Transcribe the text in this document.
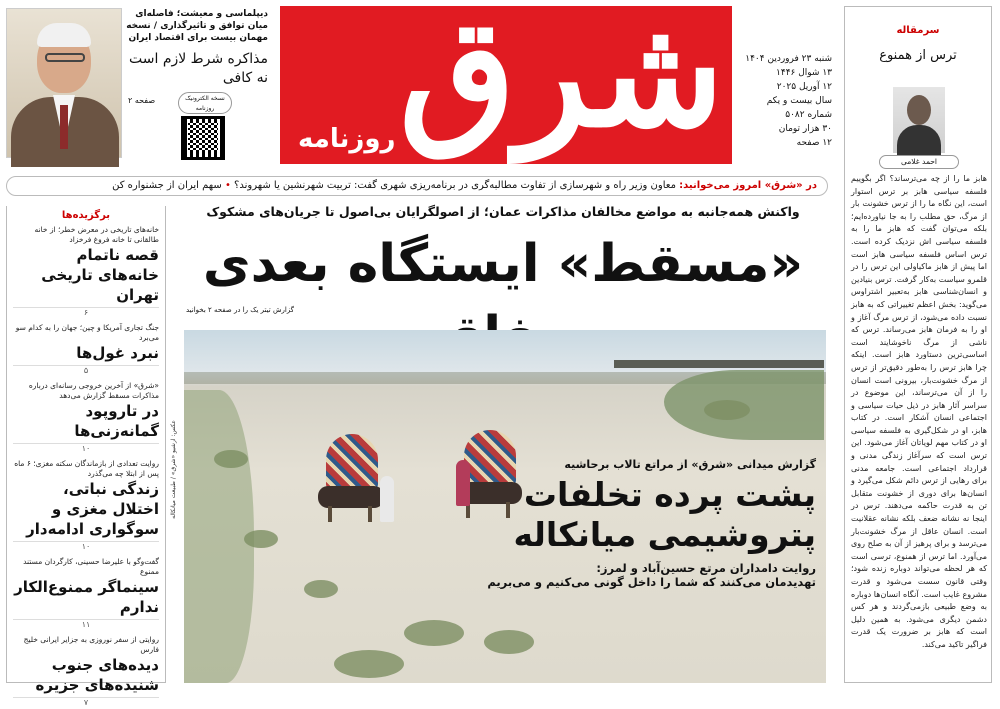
دیپلماسی و معیشت؛ فاصله‌ای میان توافق و تاثیرگذاری / نسخه مهمان بیست برای اقتصاد ایران
مذاکره شرط لازم است نه کافی
صفحه ۲	نسخه الکترونیک روزنامه شرق
روزنامه
شنبه ۲۳ فروردین ۱۴۰۴
۱۳ شوال ۱۴۴۶
۱۲ آوریل ۲۰۲۵
سال بیست و یکم
شماره ۵۰۸۲
۳۰ هزار تومان
۱۲ صفحه
در «شرق» امروز می‌خوانید: معاون وزیر راه و شهرسازی از تفاوت مطالبه‌گری در برنامه‌ریزی شهری گفت: تربیت شهرنشین یا شهروند؟ • سهم ایران از جشنواره کن
برگزیده‌ها
خانه‌های تاریخی در معرض خطر؛ از خانه طالقانی تا خانه فروغ فرخزاد
قصه ناتمام خانه‌های تاریخی تهران
۶
جنگ تجاری آمریکا و چین؛ جهان را به کدام سو می‌برد
نبرد غول‌ها
۵
«شرق» از آخرین خروجی رسانه‌ای درباره مذاکرات مسقط گزارش می‌دهد
در تاروپود گمانه‌زنی‌ها
۱۰
روایت تعدادی از بازماندگان سکته مغزی؛ ۶ ماه پس از ابتلا چه می‌گذرد
زندگی نباتی، اختلال مغزی و سوگواری ادامه‌دار
۱۰
گفت‌وگو با علیرضا حسینی، کارگردان مستند ممنوع
سینماگر ممنوع‌الکار ندارم
۱۱
روایتی از سفر نوروزی به جزایر ایرانی خلیج فارس
دیده‌های جنوب شنیده‌های جزیره
۷
واکنش همه‌جانبه به مواضع مخالفان مذاکرات عمان؛ از اصولگرایان بی‌اصول تا جریان‌های مشکوک
«مسقط» ایستگاه بعدی
گزارش تیتر یک را در صفحه ۲ بخوانید
عکس: ارشیو «شرق» / طبیعت میانکاله	گزارش میدانی «شرق» از مراتع تالاب برحاشیه
پشت پرده تخلفات پتروشیمی میانکاله
روایت دامداران مرتع حسین‌آباد و لمرز:
تهدیدمان می‌کنند که شما را داخل گونی می‌کنیم و می‌بریم
سرمقاله
ترس از همنوع
احمد غلامی
هابز ما را از چه می‌ترساند؟ اگر بگوییم فلسفه سیاسی هابز بر ترس استوار است، این نگاه ما را از ترس خشونت بار از مرگ، حق مطلب را به جا نیاورده‌ایم؛ بلکه می‌توان گفت که هابز ما را به فلسفه سیاسی اش نزدیک کرده است. ترس اساس فلسفه سیاسی هابز است اما پیش از هابز ماکیاولی این ترس را در قلمرو سیاست به‌کار گرفت. ترس بنیادین و انسان‌شناسی هابز به‌تعبیر اشتراوس می‌گوید: بخش اعظم تغییراتی که به هابز نسبت داده می‌شود، از ترس مرگ آغاز و او را به فرمان هابز می‌رساند. ترس که ناشی از مرگ ناخوشایند است اساسی‌ترین دستاورد هابز است. اینکه چرا هابز ترس را به‌طور دقیق‌تر از ترس از مرگ خشونت‌بار، بیرونی است انسان را از آن می‌ترساند، این موضوع در سراسر آثار هابز در ذیل حیات سیاسی و اجتماعی انسان آشکار است. در کتاب هابز، او در شکل‌گیری به فلسفه سیاسی او در کتاب مهم لویاتان آغاز می‌شود. این ترس است که سرآغاز زندگی مدنی و قرارداد اجتماعی است. جامعه مدنی برای رهایی از ترس دائم شکل می‌گیرد و انسان‌ها برای دوری از خشونت متقابل تن به قدرت حاکمه می‌دهند. ترس در اینجا نه نشانه ضعف بلکه نشانه عقلانیت است. انسان عاقل از مرگ خشونت‌بار می‌ترسد و برای پرهیز از آن به صلح روی می‌آورد. اما ترس از همنوع، ترسی است که هر لحظه می‌تواند دوباره زنده شود؛ وقتی قانون سست می‌شود و قدرت مشروع غایب است. آنگاه انسان‌ها دوباره به وضع طبیعی بازمی‌گردند و هر کس دشمن دیگری می‌شود. به همین دلیل است که هابز بر ضرورت یک قدرت فراگیر تاکید می‌کند.
